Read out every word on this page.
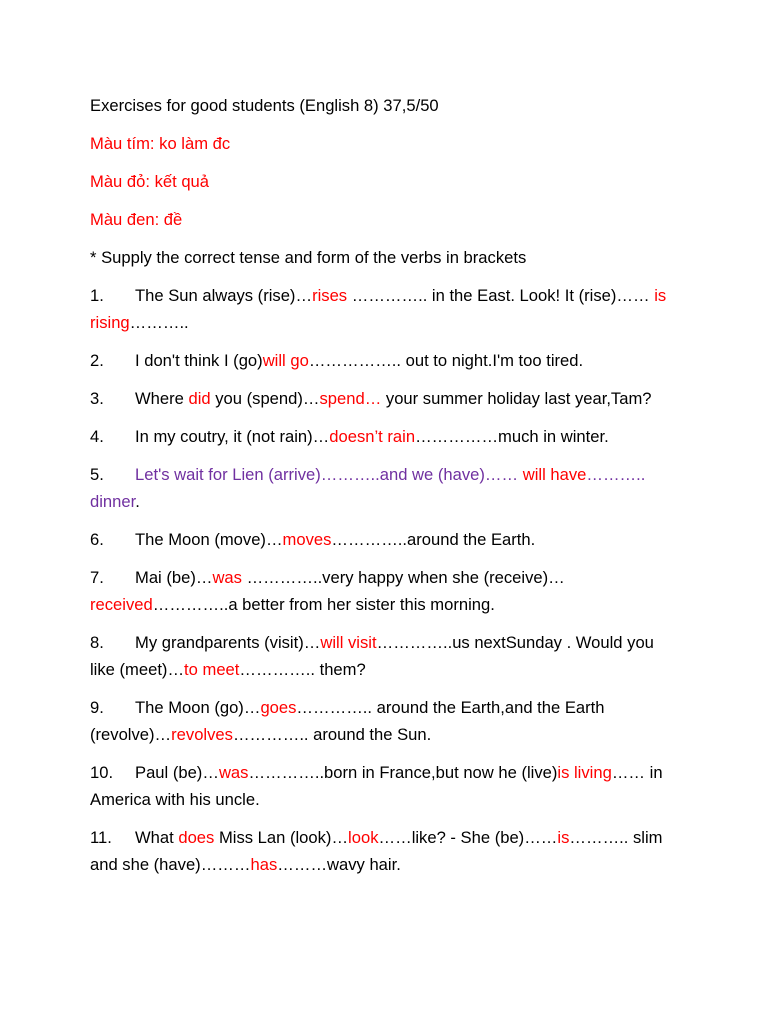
Exercises for good students (English 8) 37,5/50

Màu tím: ko làm đc

Màu đỏ: kết quả

Màu đen: đề

* Supply the correct tense and form of the verbs in brackets

1. The Sun always (rise)…rises ………….. in the East. Look! It (rise)…… is rising………..

2. I don't think I (go)will go…………….. out to night.I'm too tired.

3. Where did you (spend)…spend… your summer holiday last year,Tam?

4. In my coutry, it (not rain)…doesn’t rain……………much in winter.

5. Let's wait for Lien (arrive)………..and we (have)…… will have……….. dinner.

6. The Moon (move)…moves…………..around the Earth.

7. Mai (be)…was …………..very happy when she (receive)… received…………..a better from her sister this morning.

8. My grandparents (visit)…will visit…………..us nextSunday . Would you like (meet)…to meet………….. them?

9. The Moon (go)…goes………….. around the Earth,and the Earth (revolve)…revolves………….. around the Sun.

10. Paul (be)…was…………..born in France,but now he (live)is living…… in America with his uncle.

11. What does Miss Lan (look)…look……like? - She (be)……is……….. slim and she (have)………has………wavy hair.
